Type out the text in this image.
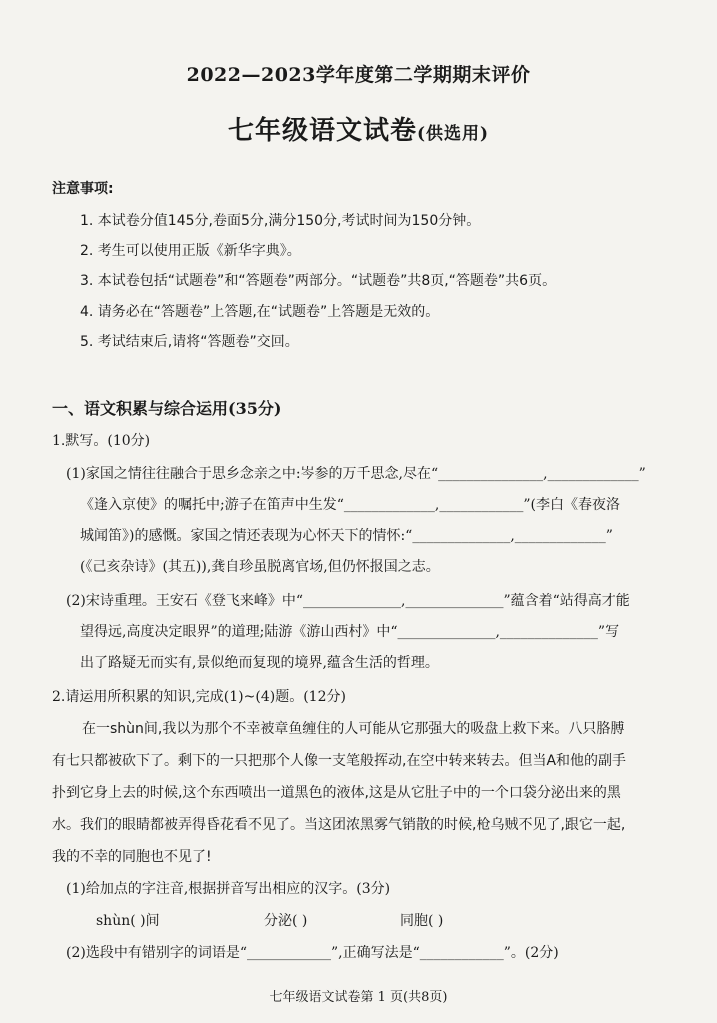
2022—2023学年度第二学期期末评价
七年级语文试卷(供选用)
注意事项:
1. 本试卷分值145分,卷面5分,满分150分,考试时间为150分钟。
2. 考生可以使用正版《新华字典》。
3. 本试卷包括“试题卷”和“答题卷”两部分。“试题卷”共8页,“答题卷”共6页。
4. 请务必在“答题卷”上答题,在“试题卷”上答题是无效的。
5. 考试结束后,请将“答题卷”交回。
一、语文积累与综合运用(35分)
1.默写。(10分)
(1)家国之情往往融合于思乡念亲之中:岑参的万千思念,尽在“_______________,_____________”
《逢入京使》的嘱托中;游子在笛声中生发“_____________,____________”(李白《春夜洛
城闻笛》)的感慨。家国之情还表现为心怀天下的情怀:“______________,_____________”
(《己亥杂诗》(其五)),龚自珍虽脱离官场,但仍怀报国之志。
(2)宋诗重理。王安石《登飞来峰》中“______________,______________”蕴含着“站得高才能
望得远,高度决定眼界”的道理;陆游《游山西村》中“______________,______________”写
出了路疑无而实有,景似绝而复现的境界,蕴含生活的哲理。
2.请运用所积累的知识,完成(1)~(4)题。(12分)
在一shùn间,我以为那个不幸被章鱼缠住的人可能从它那强大的吸盘上救下来。八只胳膊
有七只都被砍下了。剩下的一只把那个人像一支笔般挥动,在空中转来转去。但当A和他的副手
扑到它身上去的时候,这个东西喷出一道黑色的液体,这是从它肚子中的一个口袋分泌出来的黑
水。我们的眼睛都被弄得昏花看不见了。当这团浓黑雾气销散的时候,枪乌贼不见了,跟它一起,
我的不幸的同胞也不见了!
(1)给加点的字注音,根据拼音写出相应的汉字。(3分)
shùn( )间	分泌( )	同胞( )
(2)选段中有错别字的词语是“____________”,正确写法是“____________”。(2分)
七年级语文试卷第 1 页(共8页)
